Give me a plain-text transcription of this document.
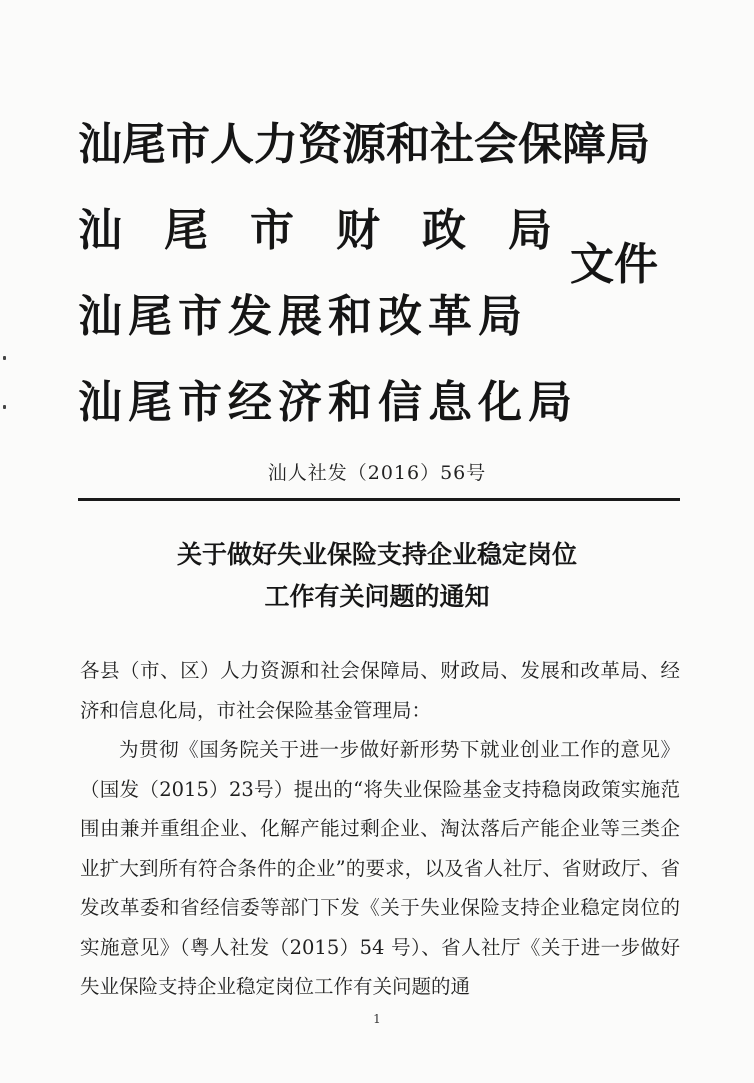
汕尾市人力资源和社会保障局
汕尾市财政局
汕尾市发展和改革局
汕尾市经济和信息化局
文件
汕人社发（2016）56号
关于做好失业保险支持企业稳定岗位
工作有关问题的通知

各县（市、区）人力资源和社会保障局、财政局、发展和改革局、经济和信息化局，市社会保险基金管理局：

为贯彻《国务院关于进一步做好新形势下就业创业工作的意见》（国发（2015）23号）提出的“将失业保险基金支持稳岗政策实施范围由兼并重组企业、化解产能过剩企业、淘汰落后产能企业等三类企业扩大到所有符合条件的企业”的要求，以及省人社厅、省财政厅、省发改革委和省经信委等部门下发《关于失业保险支持企业稳定岗位的实施意见》（粤人社发（2015）54 号）、省人社厅《关于进一步做好失业保险支持企业稳定岗位工作有关问题的通

1
